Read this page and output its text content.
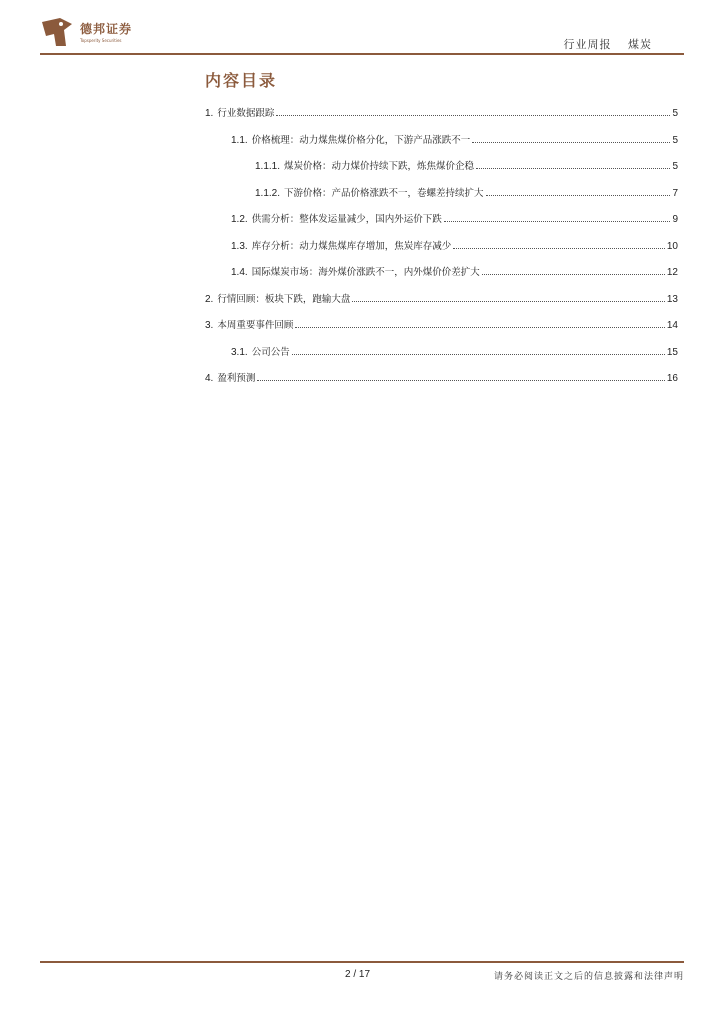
德邦证券
Topsperity Securities	行业周报 煤炭
内容目录
1. 行业数据跟踪	5
1.1. 价格梳理：动力煤焦煤价格分化，下游产品涨跌不一	5
1.1.1. 煤炭价格：动力煤价持续下跌，炼焦煤价企稳	5
1.1.2. 下游价格：产品价格涨跌不一，卷螺差持续扩大	7
1.2. 供需分析：整体发运量减少，国内外运价下跌	9
1.3. 库存分析：动力煤焦煤库存增加，焦炭库存减少	10
1.4. 国际煤炭市场：海外煤价涨跌不一，内外煤价价差扩大	12
2. 行情回顾：板块下跌，跑输大盘	13
3. 本周重要事件回顾	14
3.1. 公司公告	15
4. 盈利预测	16
2 / 17	请务必阅读正文之后的信息披露和法律声明
